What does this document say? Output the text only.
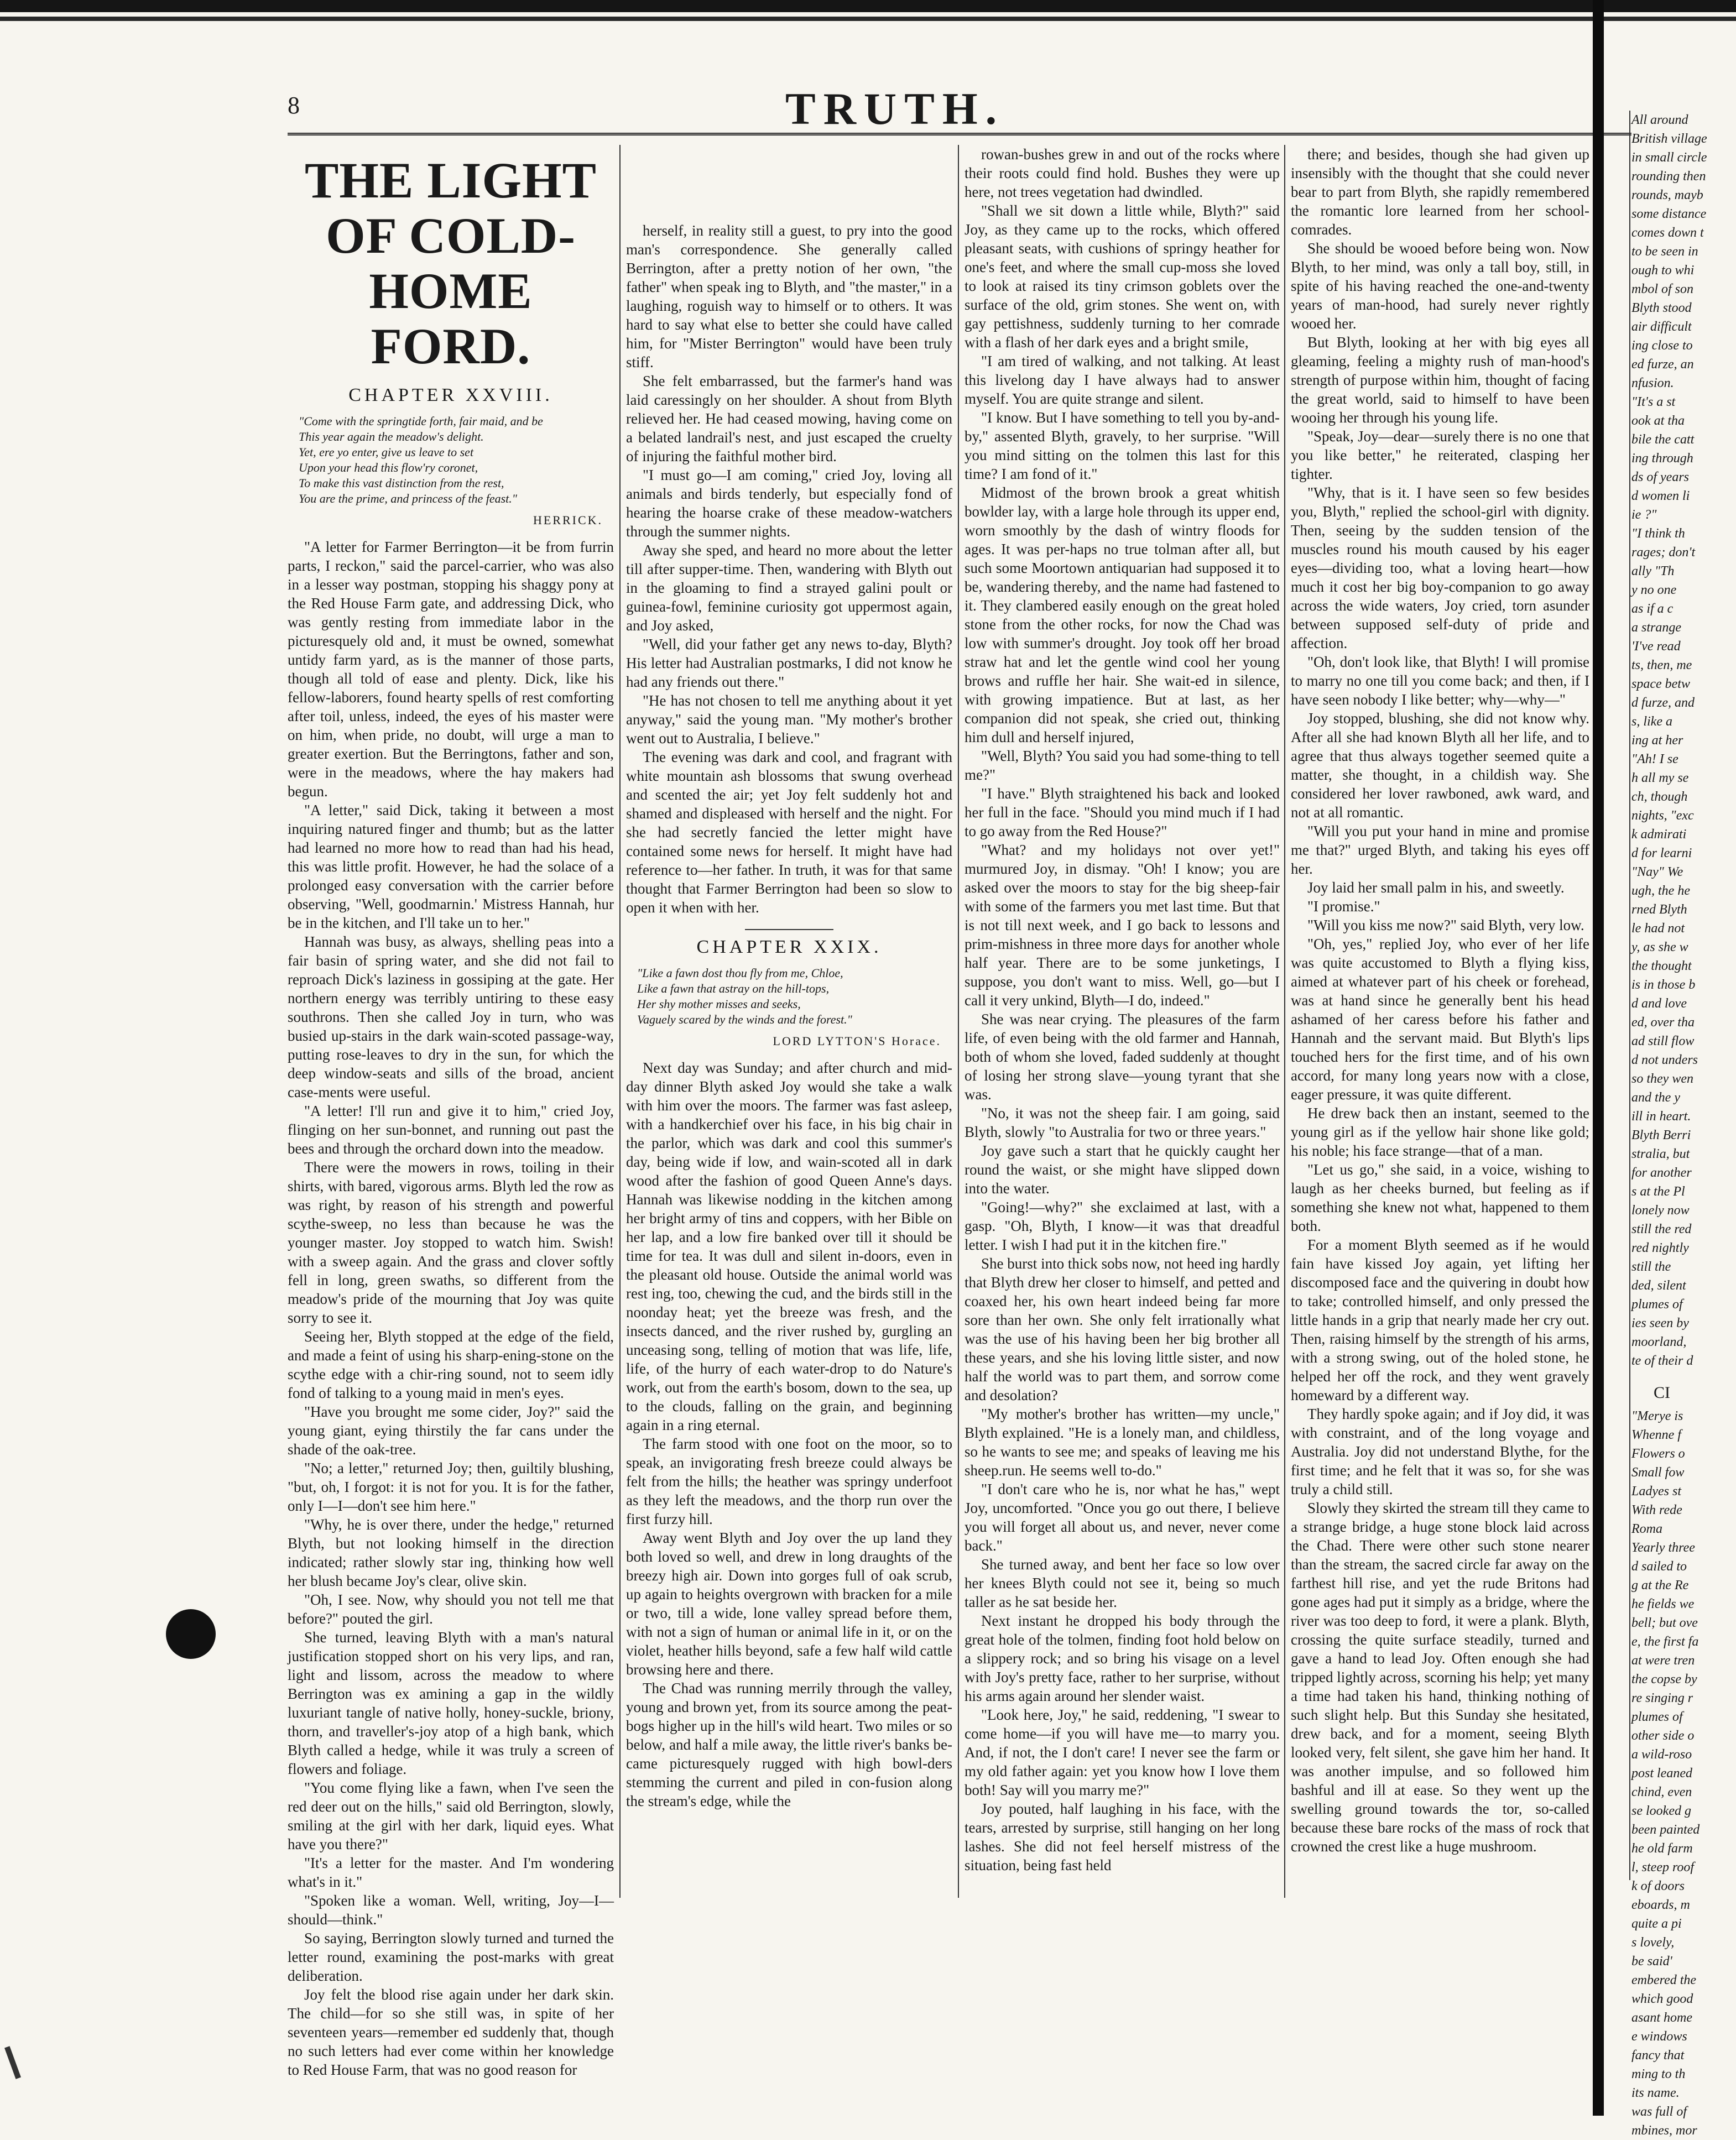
8	TRUTH.
THE LIGHT OF COLD-HOME FORD.
CHAPTER XXVIII.
"Come with the springtide forth, fair maid, and be
This year again the meadow's delight.
Yet, ere yo enter, give us leave to set
Upon your head this flow'ry coronet,
To make this vast distinction from the rest,
You are the prime, and princess of the feast."
HERRICK.

"A letter for Farmer Berrington—it be from furrin parts, I reckon," said the parcel-carrier, who was also in a lesser way postman, stopping his shaggy pony at the Red House Farm gate, and addressing Dick, who was gently resting from immediate labor in the picturesquely old and, it must be owned, somewhat untidy farm yard, as is the manner of those parts, though all told of ease and plenty. Dick, like his fellow-laborers, found hearty spells of rest comforting after toil, unless, indeed, the eyes of his master were on him, when pride, no doubt, will urge a man to greater exertion. But the Berringtons, father and son, were in the meadows, where the hay makers had begun.

"A letter," said Dick, taking it between a most inquiring natured finger and thumb; but as the latter had learned no more how to read than had his head, this was little profit. However, he had the solace of a prolonged easy conversation with the carrier before observing, "Well, goodmarnin.' Mistress Hannah, hur be in the kitchen, and I'll take un to her."

Hannah was busy, as always, shelling peas into a fair basin of spring water, and she did not fail to reproach Dick's laziness in gossiping at the gate. Her northern energy was terribly untiring to these easy southrons. Then she called Joy in turn, who was busied up-stairs in the dark wain-scoted passage-way, putting rose-leaves to dry in the sun, for which the deep window-seats and sills of the broad, ancient case-ments were useful.

"A letter! I'll run and give it to him," cried Joy, flinging on her sun-bonnet, and running out past the bees and through the orchard down into the meadow.

There were the mowers in rows, toiling in their shirts, with bared, vigorous arms. Blyth led the row as was right, by reason of his strength and powerful scythe-sweep, no less than because he was the younger master. Joy stopped to watch him. Swish! with a sweep again. And the grass and clover softly fell in long, green swaths, so different from the meadow's pride of the mourning that Joy was quite sorry to see it.

Seeing her, Blyth stopped at the edge of the field, and made a feint of using his sharp-ening-stone on the scythe edge with a chir-ring sound, not to seem idly fond of talking to a young maid in men's eyes.

"Have you brought me some cider, Joy?" said the young giant, eying thirstily the far cans under the shade of the oak-tree.

"No; a letter," returned Joy; then, guiltily blushing, "but, oh, I forgot: it is not for you. It is for the father, only I—I—don't see him here."

"Why, he is over there, under the hedge," returned Blyth, but not looking himself in the direction indicated; rather slowly star ing, thinking how well her blush became Joy's clear, olive skin.

"Oh, I see. Now, why should you not tell me that before?" pouted the girl.

She turned, leaving Blyth with a man's natural justification stopped short on his very lips, and ran, light and lissom, across the meadow to where Berrington was ex amining a gap in the wildly luxuriant tangle of native holly, honey-suckle, briony, thorn, and traveller's-joy atop of a high bank, which Blyth called a hedge, while it was truly a screen of flowers and foliage.

"You come flying like a fawn, when I've seen the red deer out on the hills," said old Berrington, slowly, smiling at the girl with her dark, liquid eyes. What have you there?"

"It's a letter for the master. And I'm wondering what's in it."

"Spoken like a woman. Well, writing, Joy—I—should—think."

So saying, Berrington slowly turned and turned the letter round, examining the post-marks with great deliberation.

Joy felt the blood rise again under her dark skin. The child—for so she still was, in spite of her seventeen years—remember ed suddenly that, though no such letters had ever come within her knowledge to Red House Farm, that was no good reason for

herself, in reality still a guest, to pry into the good man's correspondence. She generally called Berrington, after a pretty notion of her own, "the father" when speak ing to Blyth, and "the master," in a laughing, roguish way to himself or to others. It was hard to say what else to better she could have called him, for "Mister Berrington" would have been truly stiff.

She felt embarrassed, but the farmer's hand was laid caressingly on her shoulder. A shout from Blyth relieved her. He had ceased mowing, having come on a belated landrail's nest, and just escaped the cruelty of injuring the faithful mother bird.

"I must go—I am coming," cried Joy, loving all animals and birds tenderly, but especially fond of hearing the hoarse crake of these meadow-watchers through the summer nights.

Away she sped, and heard no more about the letter till after supper-time. Then, wandering with Blyth out in the gloaming to find a strayed galini poult or guinea-fowl, feminine curiosity got uppermost again, and Joy asked,

"Well, did your father get any news to-day, Blyth? His letter had Australian postmarks, I did not know he had any friends out there."

"He has not chosen to tell me anything about it yet anyway," said the young man. "My mother's brother went out to Australia, I believe."

The evening was dark and cool, and fragrant with white mountain ash blossoms that swung overhead and scented the air; yet Joy felt suddenly hot and shamed and displeased with herself and the night. For she had secretly fancied the letter might have contained some news for herself. It might have had reference to—her father. In truth, it was for that same thought that Farmer Berrington had been so slow to open it when with her.

CHAPTER XXIX.
"Like a fawn dost thou fly from me, Chloe,
Like a fawn that astray on the hill-tops,
Her shy mother misses and seeks,
Vaguely scared by the winds and the forest."
LORD LYTTON'S Horace.

Next day was Sunday; and after church and mid-day dinner Blyth asked Joy would she take a walk with him over the moors. The farmer was fast asleep, with a handkerchief over his face, in his big chair in the parlor, which was dark and cool this summer's day, being wide if low, and wain-scoted all in dark wood after the fashion of good Queen Anne's days. Hannah was likewise nodding in the kitchen among her bright army of tins and coppers, with her Bible on her lap, and a low fire banked over till it should be time for tea. It was dull and silent in-doors, even in the pleasant old house. Outside the animal world was rest ing, too, chewing the cud, and the birds still in the noonday heat; yet the breeze was fresh, and the insects danced, and the river rushed by, gurgling an unceasing song, telling of motion that was life, life, life, of the hurry of each water-drop to do Nature's work, out from the earth's bosom, down to the sea, up to the clouds, falling on the grain, and beginning again in a ring eternal.

The farm stood with one foot on the moor, so to speak, an invigorating fresh breeze could always be felt from the hills; the heather was springy underfoot as they left the meadows, and the thorp run over the first furzy hill.

Away went Blyth and Joy over the up land they both loved so well, and drew in long draughts of the breezy high air. Down into gorges full of oak scrub, up again to heights overgrown with bracken for a mile or two, till a wide, lone valley spread before them, with not a sign of human or animal life in it, or on the violet, heather hills beyond, safe a few half wild cattle browsing here and there.

The Chad was running merrily through the valley, young and brown yet, from its source among the peat-bogs higher up in the hill's wild heart. Two miles or so below, and half a mile away, the little river's banks be-came picturesquely rugged with high bowl-ders stemming the current and piled in con-fusion along the stream's edge, while the

rowan-bushes grew in and out of the rocks where their roots could find hold. Bushes they were up here, not trees vegetation had dwindled.

"Shall we sit down a little while, Blyth?" said Joy, as they came up to the rocks, which offered pleasant seats, with cushions of springy heather for one's feet, and where the small cup-moss she loved to look at raised its tiny crimson goblets over the surface of the old, grim stones. She went on, with gay pettishness, suddenly turning to her comrade with a flash of her dark eyes and a bright smile,

"I am tired of walking, and not talking. At least this livelong day I have always had to answer myself. You are quite strange and silent.

"I know. But I have something to tell you by-and-by," assented Blyth, gravely, to her surprise. "Will you mind sitting on the tolmen this last for this time? I am fond of it."

Midmost of the brown brook a great whitish bowlder lay, with a large hole through its upper end, worn smoothly by the dash of wintry floods for ages. It was per-haps no true tolman after all, but such some Moortown antiquarian had supposed it to be, wandering thereby, and the name had fastened to it. They clambered easily enough on the great holed stone from the other rocks, for now the Chad was low with summer's drought. Joy took off her broad straw hat and let the gentle wind cool her young brows and ruffle her hair. She wait-ed in silence, with growing impatience. But at last, as her companion did not speak, she cried out, thinking him dull and herself injured,

"Well, Blyth? You said you had some-thing to tell me?"

"I have." Blyth straightened his back and looked her full in the face. "Should you mind much if I had to go away from the Red House?"

"What? and my holidays not over yet!" murmured Joy, in dismay. "Oh! I know; you are asked over the moors to stay for the big sheep-fair with some of the farmers you met last time. But that is not till next week, and I go back to lessons and prim-mishness in three more days for another whole half year. There are to be some junketings, I suppose, you don't want to miss. Well, go—but I call it very unkind, Blyth—I do, indeed."

She was near crying. The pleasures of the farm life, of even being with the old farmer and Hannah, both of whom she loved, faded suddenly at thought of losing her strong slave—young tyrant that she was.

"No, it was not the sheep fair. I am going, said Blyth, slowly "to Australia for two or three years."

Joy gave such a start that he quickly caught her round the waist, or she might have slipped down into the water.

"Going!—why?" she exclaimed at last, with a gasp. "Oh, Blyth, I know—it was that dreadful letter. I wish I had put it in the kitchen fire."

She burst into thick sobs now, not heed ing hardly that Blyth drew her closer to himself, and petted and coaxed her, his own heart indeed being far more sore than her own. She only felt irrationally what was the use of his having been her big brother all these years, and she his loving little sister, and now half the world was to part them, and sorrow come and desolation?

"My mother's brother has written—my uncle," Blyth explained. "He is a lonely man, and childless, so he wants to see me; and speaks of leaving me his sheep.run. He seems well to-do."

"I don't care who he is, nor what he has," wept Joy, uncomforted. "Once you go out there, I believe you will forget all about us, and never, never come back."

She turned away, and bent her face so low over her knees Blyth could not see it, being so much taller as he sat beside her.

Next instant he dropped his body through the great hole of the tolmen, finding foot hold below on a slippery rock; and so bring his visage on a level with Joy's pretty face, rather to her surprise, without his arms again around her slender waist.

"Look here, Joy," he said, reddening, "I swear to come home—if you will have me—to marry you. And, if not, the I don't care! I never see the farm or my old father again: yet you know how I love them both! Say will you marry me?"

Joy pouted, half laughing in his face, with the tears, arrested by surprise, still hanging on her long lashes. She did not feel herself mistress of the situation, being fast held

there; and besides, though she had given up insensibly with the thought that she could never bear to part from Blyth, she rapidly remembered the romantic lore learned from her school-comrades.

She should be wooed before being won. Now Blyth, to her mind, was only a tall boy, still, in spite of his having reached the one-and-twenty years of man-hood, had surely never rightly wooed her.

But Blyth, looking at her with big eyes all gleaming, feeling a mighty rush of man-hood's strength of purpose within him, thought of facing the great world, said to himself to have been wooing her through his young life.

"Speak, Joy—dear—surely there is no one that you like better," he reiterated, clasping her tighter.

"Why, that is it. I have seen so few besides you, Blyth," replied the school-girl with dignity. Then, seeing by the sudden tension of the muscles round his mouth caused by his eager eyes—dividing too, what a loving heart—how much it cost her big boy-companion to go away across the wide waters, Joy cried, torn asunder between supposed self-duty of pride and affection.

"Oh, don't look like, that Blyth! I will promise to marry no one till you come back; and then, if I have seen nobody I like better; why—why—"

Joy stopped, blushing, she did not know why. After all she had known Blyth all her life, and to agree that thus always together seemed quite a matter, she thought, in a childish way. She considered her lover rawboned, awk ward, and not at all romantic.

"Will you put your hand in mine and promise me that?" urged Blyth, and taking his eyes off her.

Joy laid her small palm in his, and sweetly.

"I promise."

"Will you kiss me now?" said Blyth, very low.

"Oh, yes," replied Joy, who ever of her life was quite accustomed to Blyth a flying kiss, aimed at whatever part of his cheek or forehead, was at hand since he generally bent his head ashamed of her caress before his father and Hannah and the servant maid. But Blyth's lips touched hers for the first time, and of his own accord, for many long years now with a close, eager pressure, it was quite different.

He drew back then an instant, seemed to the young girl as if the yellow hair shone like gold; his noble; his face strange—that of a man.

"Let us go," she said, in a voice, wishing to laugh as her cheeks burned, but feeling as if something she knew not what, happened to them both.

For a moment Blyth seemed as if he would fain have kissed Joy again, yet lifting her discomposed face and the quivering in doubt how to take; controlled himself, and only pressed the little hands in a grip that nearly made her cry out. Then, raising himself by the strength of his arms, with a strong swing, out of the holed stone, he helped her off the rock, and they went gravely homeward by a different way.

They hardly spoke again; and if Joy did, it was with constraint, and of the long voyage and Australia. Joy did not understand Blythe, for the first time; and he felt that it was so, for she was truly a child still.

Slowly they skirted the stream till they came to a strange bridge, a huge stone block laid across the Chad. There were other such stone nearer than the stream, the sacred circle far away on the farthest hill rise, and yet the rude Britons had gone ages had put it simply as a bridge, where the river was too deep to ford, it were a plank. Blyth, crossing the quite surface steadily, turned and gave a hand to lead Joy. Often enough she had tripped lightly across, scorning his help; yet many a time had taken his hand, thinking nothing of such slight help. But this Sunday she hesitated, drew back, and for a moment, seeing Blyth looked very, felt silent, she gave him her hand. It was another impulse, and so followed him bashful and ill at ease. So they went up the swelling ground towards the tor, so-called because these bare rocks of the mass of rock that crowned the crest like a huge mushroom.

All around
British village
in small circle
rounding then
rounds, mayb
some distance
comes down t
to be seen in
ough to whi
mbol of son
Blyth stood
air difficult
ing close to
ed furze, an
nfusion.
"It's a st
ook at tha
bile the catt
ing through
ds of years
d women li
ie ?"
"I think th
rages; don't
ally "Th
y no one
as if a c
a strange
'I've read
ts, then, me
space betw
d furze, and
s, like a
ing at her
"Ah! I se
h all my se
ch, though
nights, "exc
k admirati
d for learni
"Nay" We
ugh, the he
rned Blyth
le had not
y, as she w
the thought
is in those b
d and love
ed, over tha
ad still flow
d not unders
so they wen
and the y
ill in heart.
Blyth Berri
stralia, but
for another
s at the Pl
lonely now
still the red
red nightly
still the
ded, silent
plumes of
ies seen by
moorland,
te of their d
CI
"Merye is
Whenne f
Flowers o
Small fow
Ladyes st
With rede
Roma
Yearly three
d sailed to
g at the Re
he fields we
bell; but ove
e, the first fa
at were tren
the copse by
re singing r
plumes of
other side o
a wild-roso
post leaned
chind, even
se looked g
been painted
he old farm
l, steep roof
k of doors
eboards, m
quite a pi
s lovely,
be said'
embered the
which good
asant home
e windows
fancy that
ming to th
its name.
was full of
mbines, mor
